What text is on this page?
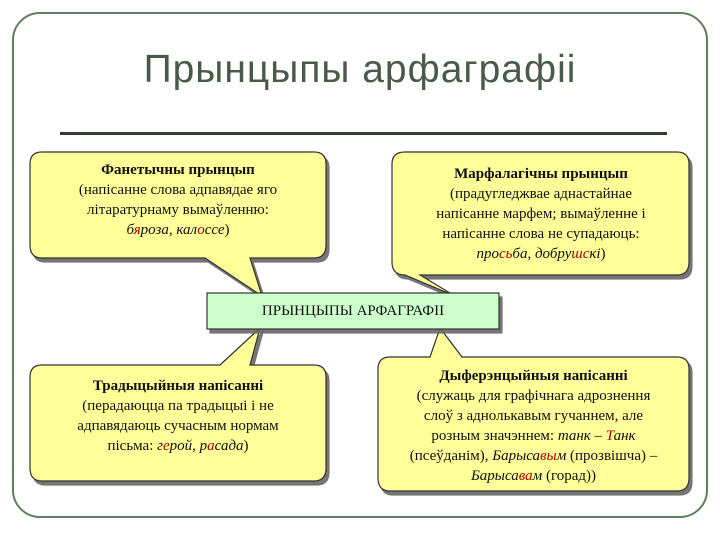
Прынцыпы арфаграфіі
ПРЫНЦЫПЫ АРФАГРАФІІ
Фанетычны прынцып
(напісанне слова адпавядае яго
літаратурнаму вымаўленню:
бяроза, калоссе)
Марфалагічны прынцып
(прадугледжвае аднастайнае
напісанне марфем; вымаўленне і
напісанне слова не супадаюць:
просьба, добрушскі)
Традыцыйныя напісанні
(перадаюцца па традыцыі і не
адпавядаюць сучасным нормам
пісьма: герой, расада)
Дыферэнцыйныя напісанні
(служаць для графічнага адрознення
слоў з аднолькавым гучаннем, але
розным значэннем: танк – Танк
(псеўданім), Барысавым (прозвішча) –
Барысавам (горад))
